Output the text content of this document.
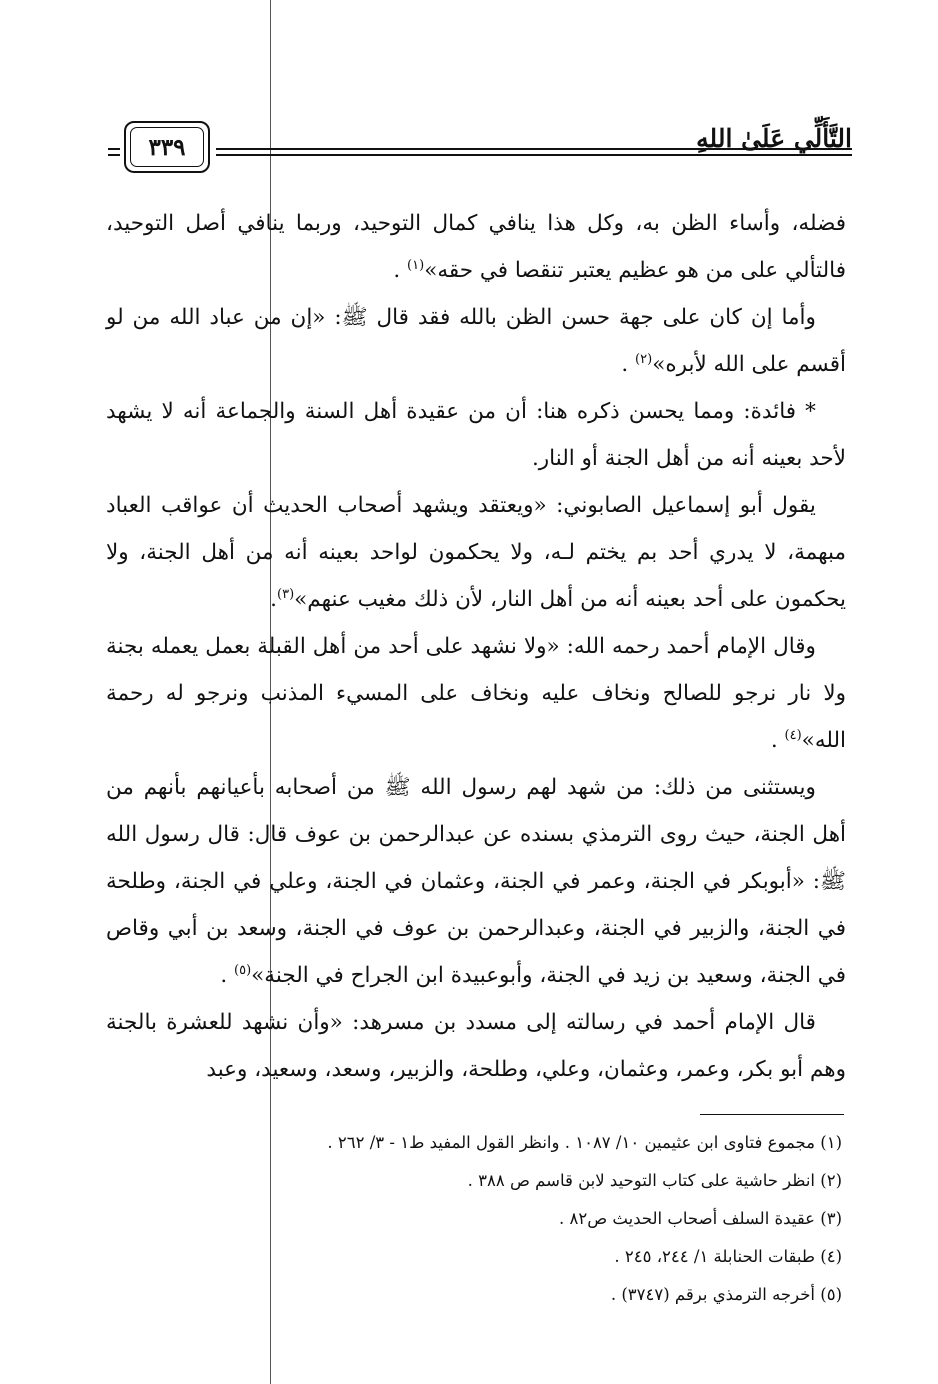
٣٣٩	التَّأَلِّي عَلَىٰ اللهِ

فضله، وأساء الظن به، وكل هذا ينافي كمال التوحيد، وربما ينافي أصل التوحيد، فالتألي على من هو عظيم يعتبر تنقصا في حقه»$^{(١)}$ .

وأما إن كان على جهة حسن الظن بالله فقد قال ﷺ: «إن من عباد الله من لو أقسم على الله لأبره»$^{(٢)}$ .

* فائدة: ومما يحسن ذكره هنا: أن من عقيدة أهل السنة والجماعة أنه لا يشهد لأحد بعينه أنه من أهل الجنة أو النار.

يقول أبو إسماعيل الصابوني: «ويعتقد ويشهد أصحاب الحديث أن عواقب العباد مبهمة، لا يدري أحد بم يختم لـه، ولا يحكمون لواحد بعينه أنه من أهل الجنة، ولا يحكمون على أحد بعينه أنه من أهل النار، لأن ذلك مغيب عنهم»$^{(٣)}$.

وقال الإمام أحمد رحمه الله: «ولا نشهد على أحد من أهل القبلة بعمل يعمله بجنة ولا نار نرجو للصالح ونخاف عليه ونخاف على المسيء المذنب ونرجو له رحمة الله»$^{(٤)}$ .

ويستثنى من ذلك: من شهد لهم رسول الله ﷺ من أصحابه بأعيانهم بأنهم من أهل الجنة، حيث روى الترمذي بسنده عن عبدالرحمن بن عوف قال: قال رسول الله ﷺ: «أبوبكر في الجنة، وعمر في الجنة، وعثمان في الجنة، وعلي في الجنة، وطلحة في الجنة، والزبير في الجنة، وعبدالرحمن بن عوف في الجنة، وسعد بن أبي وقاص في الجنة، وسعيد بن زيد في الجنة، وأبوعبيدة ابن الجراح في الجنة»$^{(٥)}$ .

قال الإمام أحمد في رسالته إلى مسدد بن مسرهد: «وأن نشهد للعشرة بالجنة وهم أبو بكر، وعمر، وعثمان، وعلي، وطلحة، والزبير، وسعد، وسعيد، وعبد

(١) مجموع فتاوى ابن عثيمين ١٠/ ١٠٨٧ . وانظر القول المفيد ط١ - ٣/ ٢٦٢ .
(٢) انظر حاشية على كتاب التوحيد لابن قاسم ص ٣٨٨ .
(٣) عقيدة السلف أصحاب الحديث ص٨٢ .
(٤) طبقات الحنابلة ١/ ٢٤٤، ٢٤٥ .
(٥) أخرجه الترمذي برقم (٣٧٤٧) .
